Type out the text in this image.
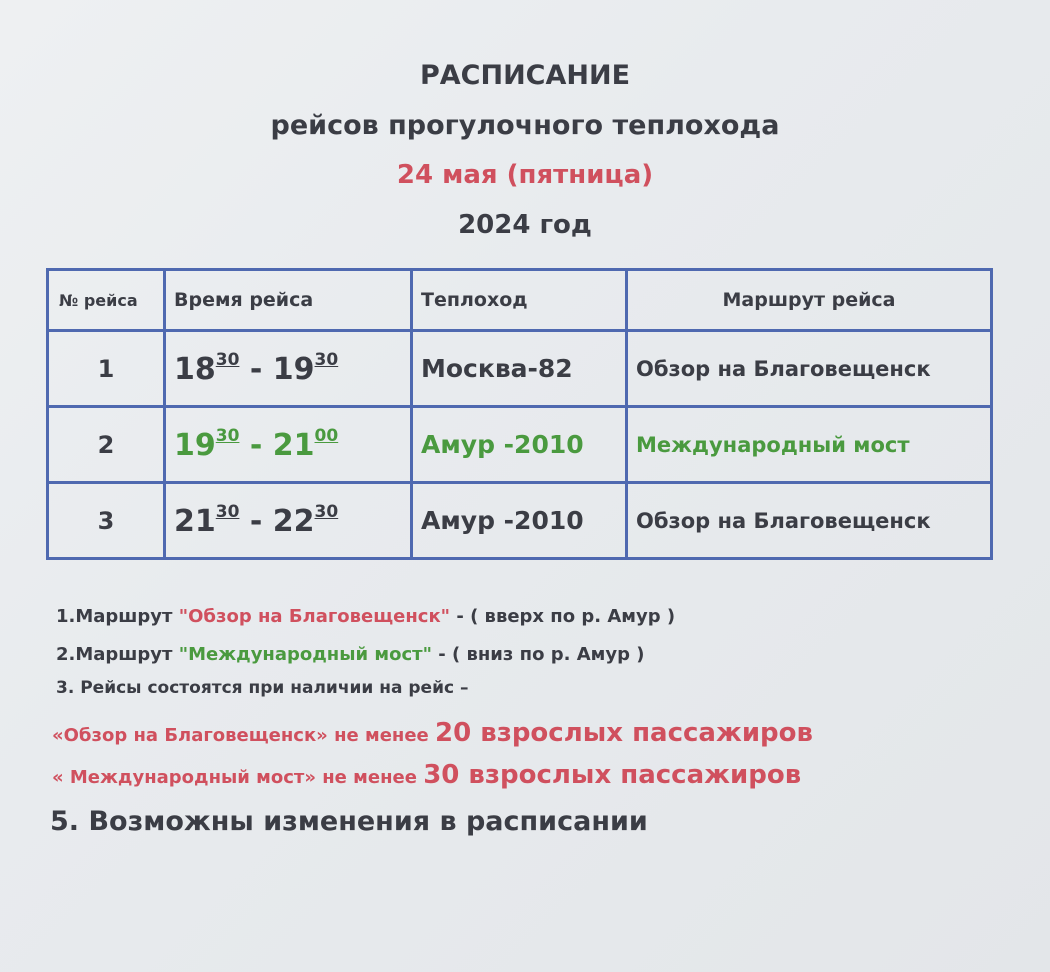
РАСПИСАНИЕ
рейсов прогулочного теплохода
24 мая (пятница)
2024 год
№ рейса	Время рейса	Теплоход	Маршрут рейса
1	$18^{30} - 19^{30}$	Москва-82	Обзор на Благовещенск
2	$19^{30} - 21^{00}$	Амур -2010	Международный мост
3	$21^{30} - 22^{30}$	Амур -2010	Обзор на Благовещенск
1.Маршрут "Обзор на Благовещенск" - ( вверх по р. Амур )
2.Маршрут "Международный мост" - ( вниз по р. Амур )
3. Рейсы состоятся при наличии на рейс –
«Обзор на Благовещенск» не менее 20 взрослых пассажиров
« Международный мост» не менее 30 взрослых пассажиров
5. Возможны изменения в расписании
